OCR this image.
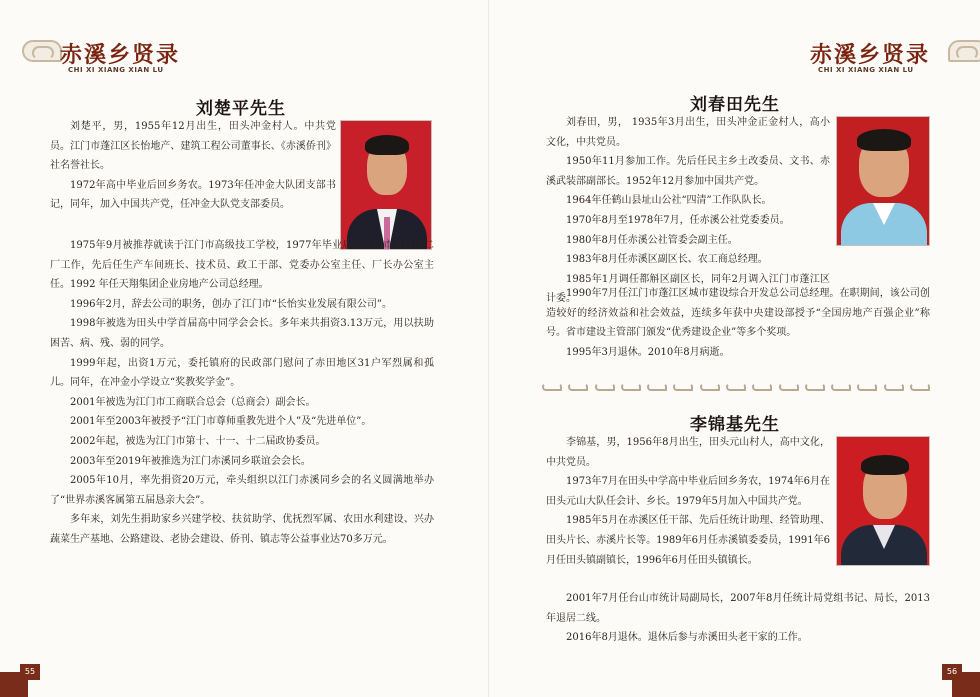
赤溪乡贤录
CHI XI XIANG XIAN LU
刘楚平先生

刘楚平，男，1955年12月出生，田头冲金村人。中共党员。江门市蓬江区长怡地产、建筑工程公司董事长、《赤溪侨刊》社名誉社长。

1972年高中毕业后回乡务农。1973年任冲金大队团支部书记，同年，加入中国共产党，任冲金大队党支部委员。

1975年9月被推荐就读于江门市高级技工学校，1977年毕业后在江门市无线电二厂工作，先后任生产车间班长、技术员、政工干部、党委办公室主任、厂长办公室主任。1992 年任天翔集团企业房地产公司总经理。

1996年2月，辞去公司的职务，创办了江门市“长怡实业发展有限公司”。

1998年被选为田头中学首届高中同学会会长。多年来共捐资3.13万元，用以扶助困苦、病、残、弱的同学。

1999年起，出资1万元，委托镇府的民政部门慰问了赤田地区31户军烈属和孤儿。同年，在冲金小学设立“奖教奖学金”。

2001年被选为江门市工商联合总会（总商会）副会长。

2001年至2003年被授予“江门市尊师重教先进个人”及“先进单位”。

2002年起，被选为江门市第十、十一、十二届政协委员。

2003年至2019年被推选为江门赤溪同乡联谊会会长。

2005年10月，率先捐资20万元，牵头组织以江门赤溪同乡会的名义圆满地举办了“世界赤溪客属第五届恳亲大会”。

多年来，刘先生捐助家乡兴建学校、扶贫助学、优抚烈军属、农田水利建设、兴办蔬菜生产基地、公路建设、老协会建设、侨刊、镇志等公益事业达70多万元。

55
赤溪乡贤录
CHI XI XIANG XIAN LU
刘春田先生

刘春田，男， 1935年3月出生，田头冲金正金村人，高小文化，中共党员。

1950年11月参加工作。先后任民主乡土改委员、文书、赤溪武装部副部长。1952年12月参加中国共产党。

1964年任鹤山县址山公社“四清”工作队队长。

1970年8月至1978年7月，任赤溪公社党委委员。

1980年8月任赤溪公社管委会副主任。

1983年8月任赤溪区副区长、农工商总经理。

1985年1月调任都斛区副区长，同年2月调入江门市蓬江区计委。

1990年7月任江门市蓬江区城市建设综合开发总公司总经理。在职期间，该公司创造较好的经济效益和社会效益，连续多年获中央建设部授予“全国房地产百强企业”称号。省市建设主管部门颁发“优秀建设企业”等多个奖项。

1995年3月退休。2010年8月病逝。

李锦基先生

李锦基，男，1956年8月出生，田头元山村人，高中文化，中共党员。

1973年7月在田头中学高中毕业后回乡务农，1974年6月在田头元山大队任会计、乡长。1979年5月加入中国共产党。

1985年5月在赤溪区任干部、先后任统计助理、经管助理、田头片长、赤溪片长等。1989年6月任赤溪镇委委员，1991年6月任田头镇副镇长，1996年6月任田头镇镇长。

2001年7月任台山市统计局副局长，2007年8月任统计局党组书记、局长，2013年退居二线。

2016年8月退休。退休后参与赤溪田头老干家的工作。

56
